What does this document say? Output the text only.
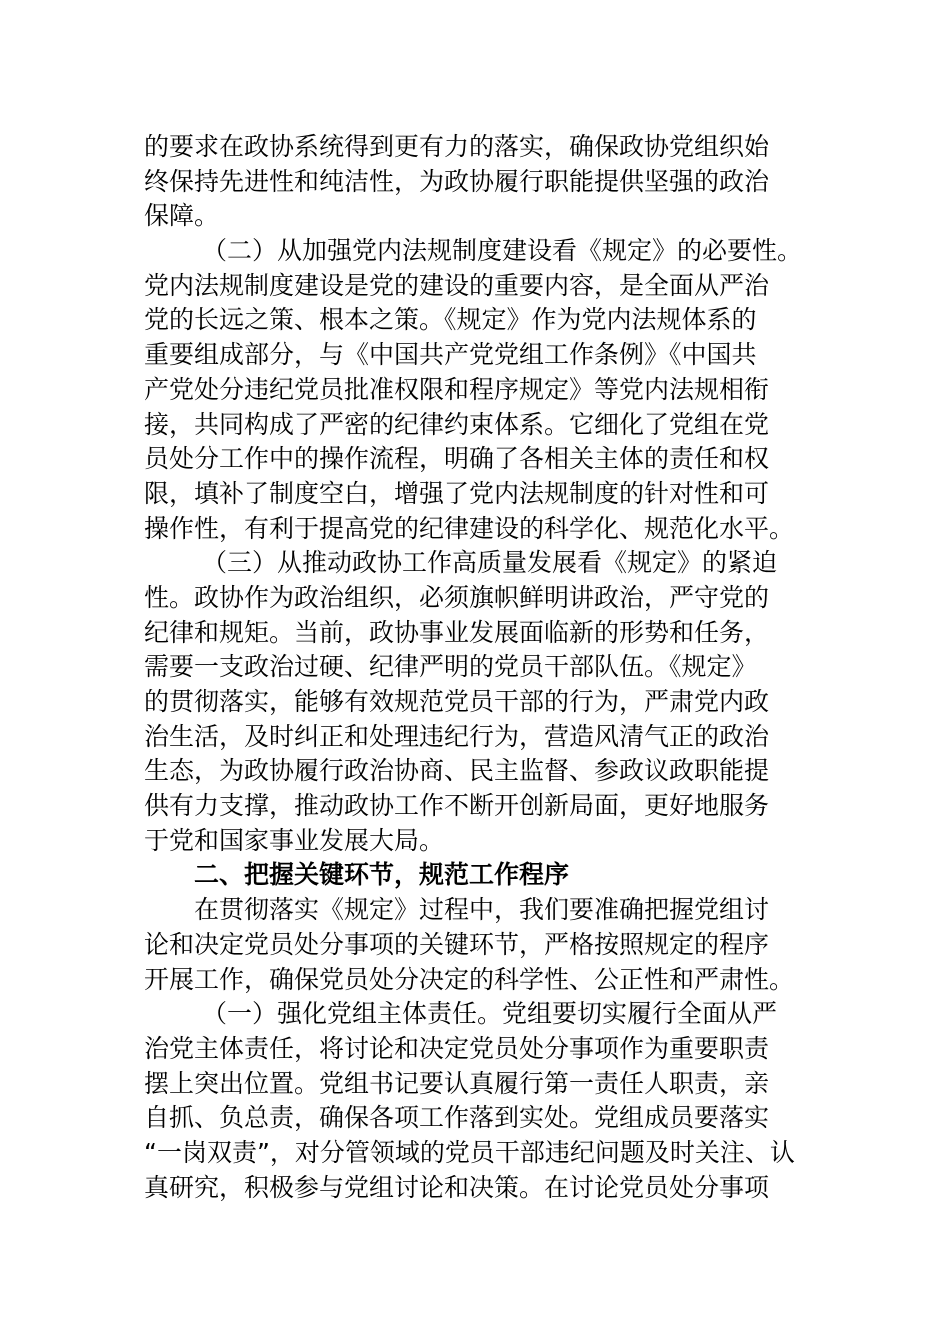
的要求在政协系统得到更有力的落实，确保政协党组织始
终保持先进性和纯洁性，为政协履行职能提供坚强的政治
保障。
（二）从加强党内法规制度建设看《规定》的必要性。
党内法规制度建设是党的建设的重要内容，是全面从严治
党的长远之策、根本之策。《规定》作为党内法规体系的
重要组成部分，与《中国共产党党组工作条例》《中国共
产党处分违纪党员批准权限和程序规定》等党内法规相衔
接，共同构成了严密的纪律约束体系。它细化了党组在党
员处分工作中的操作流程，明确了各相关主体的责任和权
限，填补了制度空白，增强了党内法规制度的针对性和可
操作性，有利于提高党的纪律建设的科学化、规范化水平。
（三）从推动政协工作高质量发展看《规定》的紧迫
性。政协作为政治组织，必须旗帜鲜明讲政治，严守党的
纪律和规矩。当前，政协事业发展面临新的形势和任务，
需要一支政治过硬、纪律严明的党员干部队伍。《规定》
的贯彻落实，能够有效规范党员干部的行为，严肃党内政
治生活，及时纠正和处理违纪行为，营造风清气正的政治
生态，为政协履行政治协商、民主监督、参政议政职能提
供有力支撑，推动政协工作不断开创新局面，更好地服务
于党和国家事业发展大局。
二、把握关键环节，规范工作程序
在贯彻落实《规定》过程中，我们要准确把握党组讨
论和决定党员处分事项的关键环节，严格按照规定的程序
开展工作，确保党员处分决定的科学性、公正性和严肃性。
（一）强化党组主体责任。党组要切实履行全面从严
治党主体责任，将讨论和决定党员处分事项作为重要职责
摆上突出位置。党组书记要认真履行第一责任人职责，亲
自抓、负总责，确保各项工作落到实处。党组成员要落实
“一岗双责”，对分管领域的党员干部违纪问题及时关注、认
真研究，积极参与党组讨论和决策。在讨论党员处分事项
